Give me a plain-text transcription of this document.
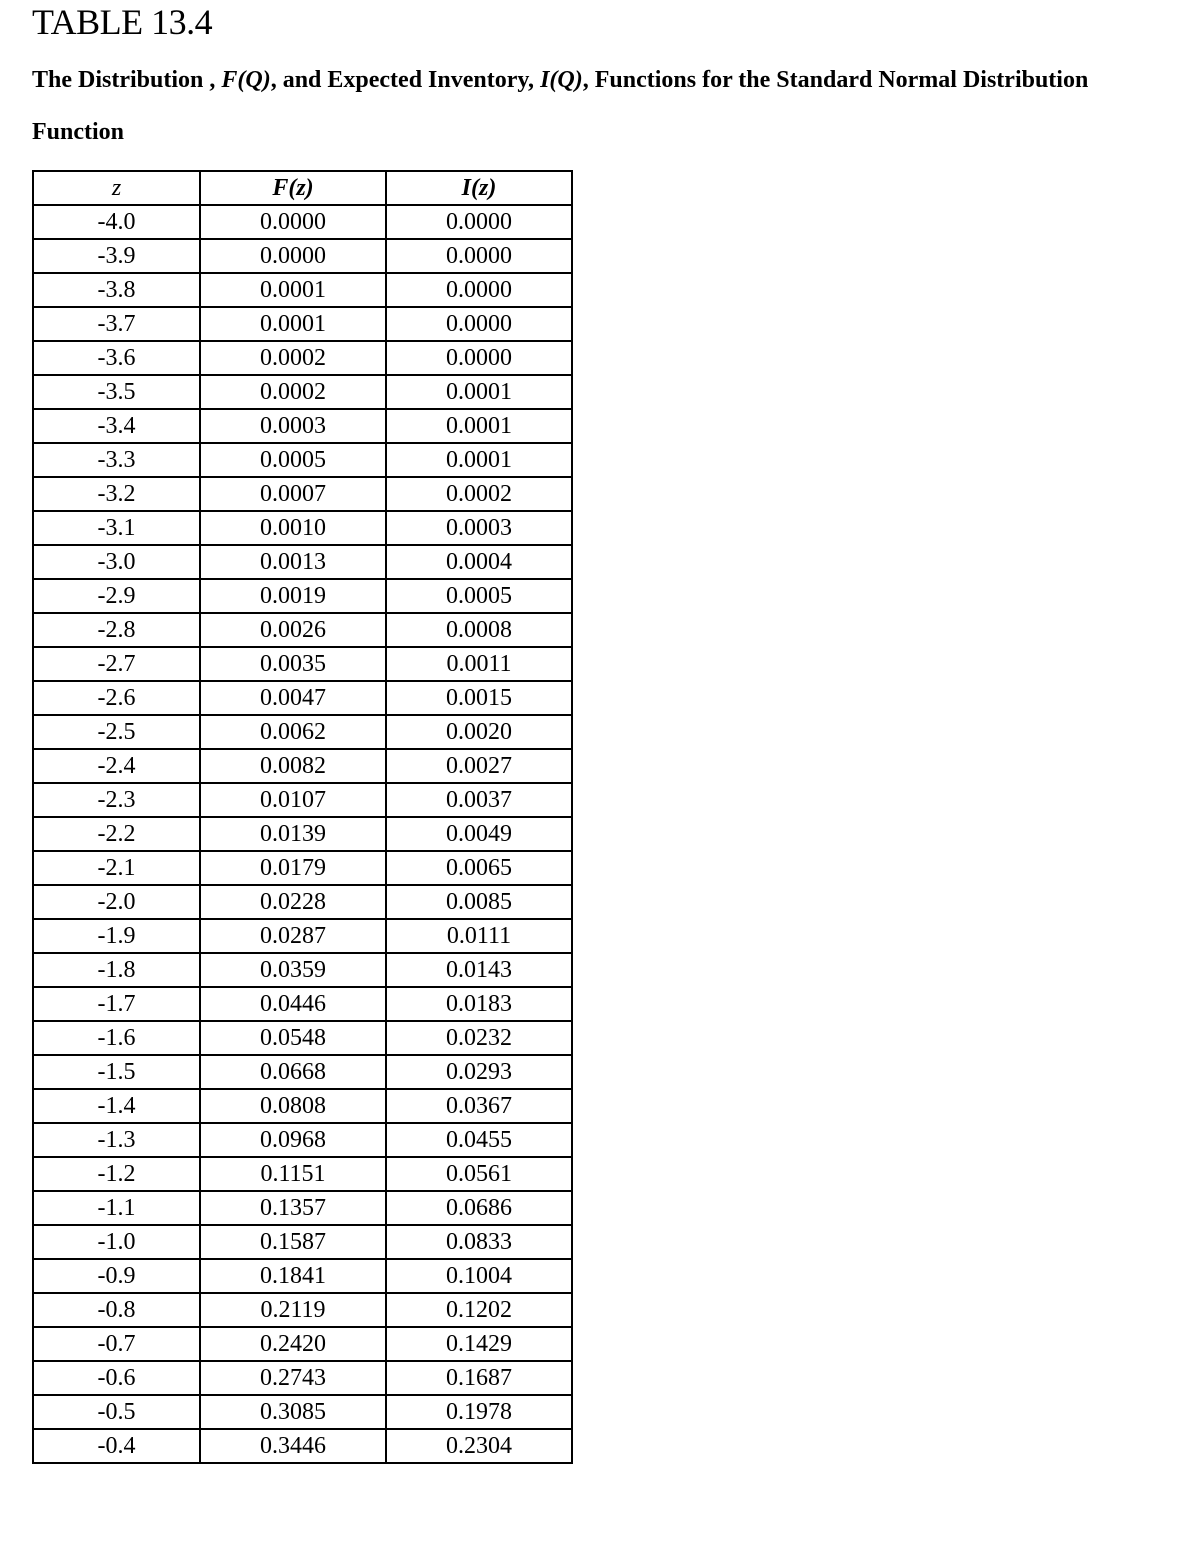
TABLE 13.4

The Distribution , F(Q), and Expected Inventory, I(Q), Functions for the Standard Normal Distribution

Function

z	F(z)	I(z)
-4.0	0.0000	0.0000
-3.9	0.0000	0.0000
-3.8	0.0001	0.0000
-3.7	0.0001	0.0000
-3.6	0.0002	0.0000
-3.5	0.0002	0.0001
-3.4	0.0003	0.0001
-3.3	0.0005	0.0001
-3.2	0.0007	0.0002
-3.1	0.0010	0.0003
-3.0	0.0013	0.0004
-2.9	0.0019	0.0005
-2.8	0.0026	0.0008
-2.7	0.0035	0.0011
-2.6	0.0047	0.0015
-2.5	0.0062	0.0020
-2.4	0.0082	0.0027
-2.3	0.0107	0.0037
-2.2	0.0139	0.0049
-2.1	0.0179	0.0065
-2.0	0.0228	0.0085
-1.9	0.0287	0.0111
-1.8	0.0359	0.0143
-1.7	0.0446	0.0183
-1.6	0.0548	0.0232
-1.5	0.0668	0.0293
-1.4	0.0808	0.0367
-1.3	0.0968	0.0455
-1.2	0.1151	0.0561
-1.1	0.1357	0.0686
-1.0	0.1587	0.0833
-0.9	0.1841	0.1004
-0.8	0.2119	0.1202
-0.7	0.2420	0.1429
-0.6	0.2743	0.1687
-0.5	0.3085	0.1978
-0.4	0.3446	0.2304
